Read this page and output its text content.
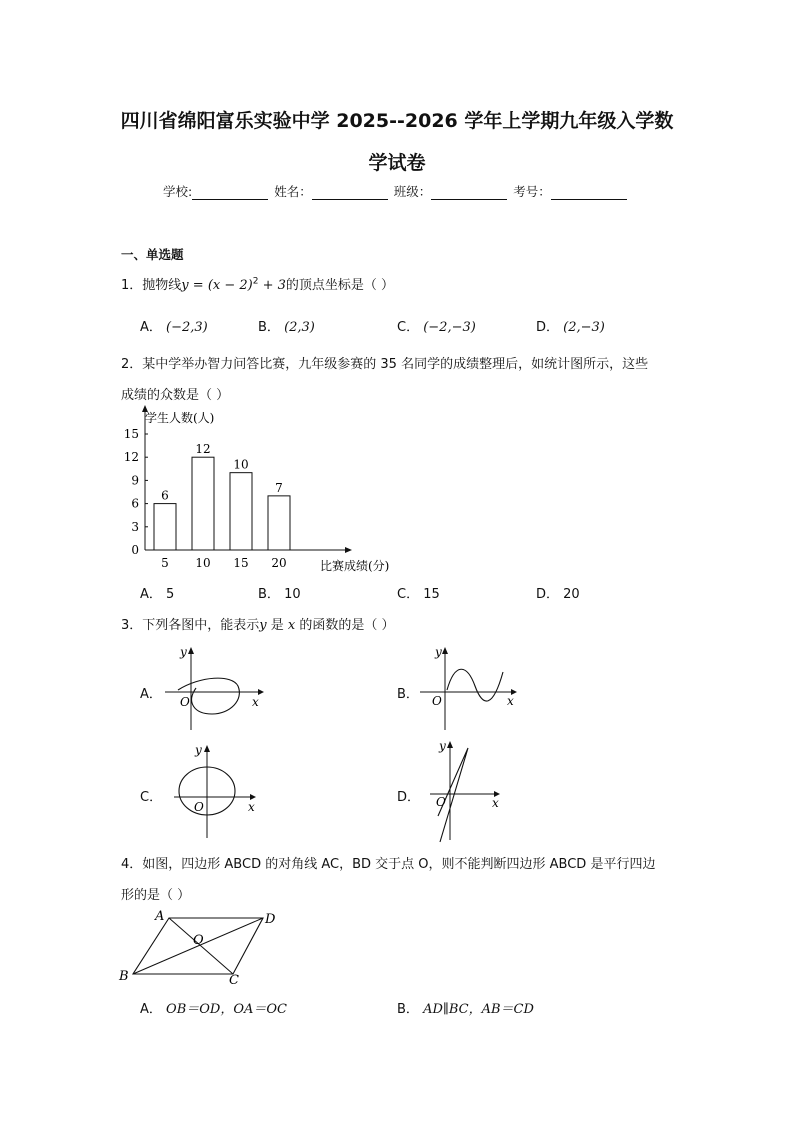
四川省绵阳富乐实验中学 2025--2026 学年上学期九年级入学数
学试卷
学校:	姓名：	班级：	考号：
一、单选题
1．抛物线$y = (x - 2)^2 + 3$的顶点坐标是（ ）
A． (−2,3)	B． (2,3)	C． (−2,−3)	D． (2,−3)
2．某中学举办智力问答比赛，九年级参赛的 35 名同学的成绩整理后，如统计图所示，这些
成绩的众数是（ ）
0
3
6
9
12
15
6
5
12
10
10
15
7
20
学生人数(人)
比赛成绩(分)
A． 5	B． 10	C． 15	D． 20
3．下列各图中，能表示y 是 x 的函数的是（ ）
A． O
y
x	B． O
y
x
C．
O
y
x
D． O
y
x
4．如图，四边形 ABCD 的对角线 AC，BD 交于点 O，则不能判断四边形 ABCD 是平行四边
形的是（ ）
A	D
B	C
O
A． OB＝OD，OA＝OC	B． AD∥BC，AB＝CD
